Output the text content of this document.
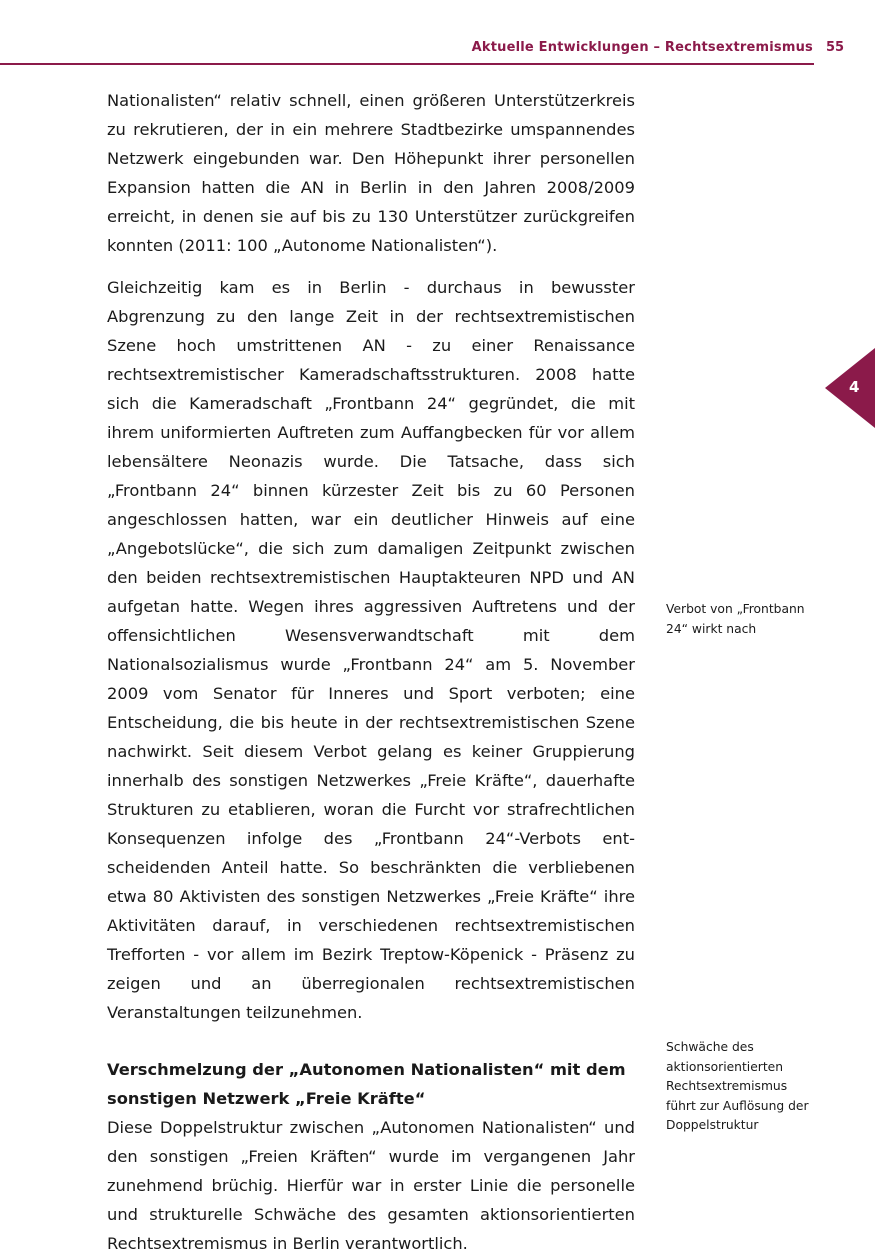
Aktuelle Entwicklungen – Rechtsextremismus 55
4

Nationalisten“ relativ schnell, einen größeren Unterstützerkreis zu rekrutieren, der in ein mehrere Stadtbezirke umspannendes Netzwerk eingebunden war. Den Höhepunkt ihrer personellen Expansion hatten die AN in Berlin in den Jahren 2008/2009 erreicht, in denen sie auf bis zu 130 Unterstützer zurückgreifen konnten (2011: 100 „Autonome Nationalisten“).

Gleichzeitig kam es in Berlin - durchaus in bewusster Abgrenzung zu den lange Zeit in der rechtsextremistischen Szene hoch umstrittenen AN - zu einer Renaissance rechtsextremistischer Kameradschaftsstrukturen. 2008 hatte sich die Kameradschaft „Frontbann 24“ gegründet, die mit ihrem uniformierten Auftreten zum Auffangbecken für vor allem lebensältere Neonazis wurde. Die Tatsache, dass sich „Frontbann 24“ binnen kürzester Zeit bis zu 60 Personen angeschlossen hatten, war ein deutlicher Hinweis auf eine „Angebotslücke“, die sich zum damaligen Zeitpunkt zwischen den beiden rechtsextremistischen Hauptakteuren NPD und AN aufgetan hatte. Wegen ihres aggressiven Auftretens und der offensichtlichen Wesensverwandtschaft mit dem Nationalsozialismus wurde „Frontbann 24“ am 5. November 2009 vom Senator für Inneres und Sport verboten; eine Entscheidung, die bis heute in der rechtsextremistischen Szene nachwirkt. Seit diesem Verbot gelang es keiner Gruppierung innerhalb des sonstigen Netzwerkes „Freie Kräfte“, dauerhafte Strukturen zu etablieren, woran die Furcht vor strafrechtlichen Konsequenzen infolge des „Frontbann 24“-Verbots entscheidenden Anteil hatte. So beschränkten die verbliebenen etwa 80 Aktivisten des sonstigen Netzwerkes „Freie Kräfte“ ihre Aktivitäten darauf, in verschiedenen rechtsextremistischen Trefforten - vor allem im Bezirk Treptow-Köpenick - Präsenz zu zeigen und an überregionalen rechtsextremistischen Veranstaltungen teilzunehmen.

Verschmelzung der „Autonomen Nationalisten“ mit dem sonstigen Netzwerk „Freie Kräfte“

Diese Doppelstruktur zwischen „Autonomen Nationalisten“ und den sonstigen „Freien Kräften“ wurde im vergangenen Jahr zunehmend brüchig. Hierfür war in erster Linie die personelle und strukturelle Schwäche des gesamten aktionsorientierten Rechtsextremismus in Berlin verantwortlich.

Verbot von „Frontbann 24“ wirkt nach
Schwäche des aktionsorientierten Rechtsextremismus führt zur Auflösung der Doppelstruktur
